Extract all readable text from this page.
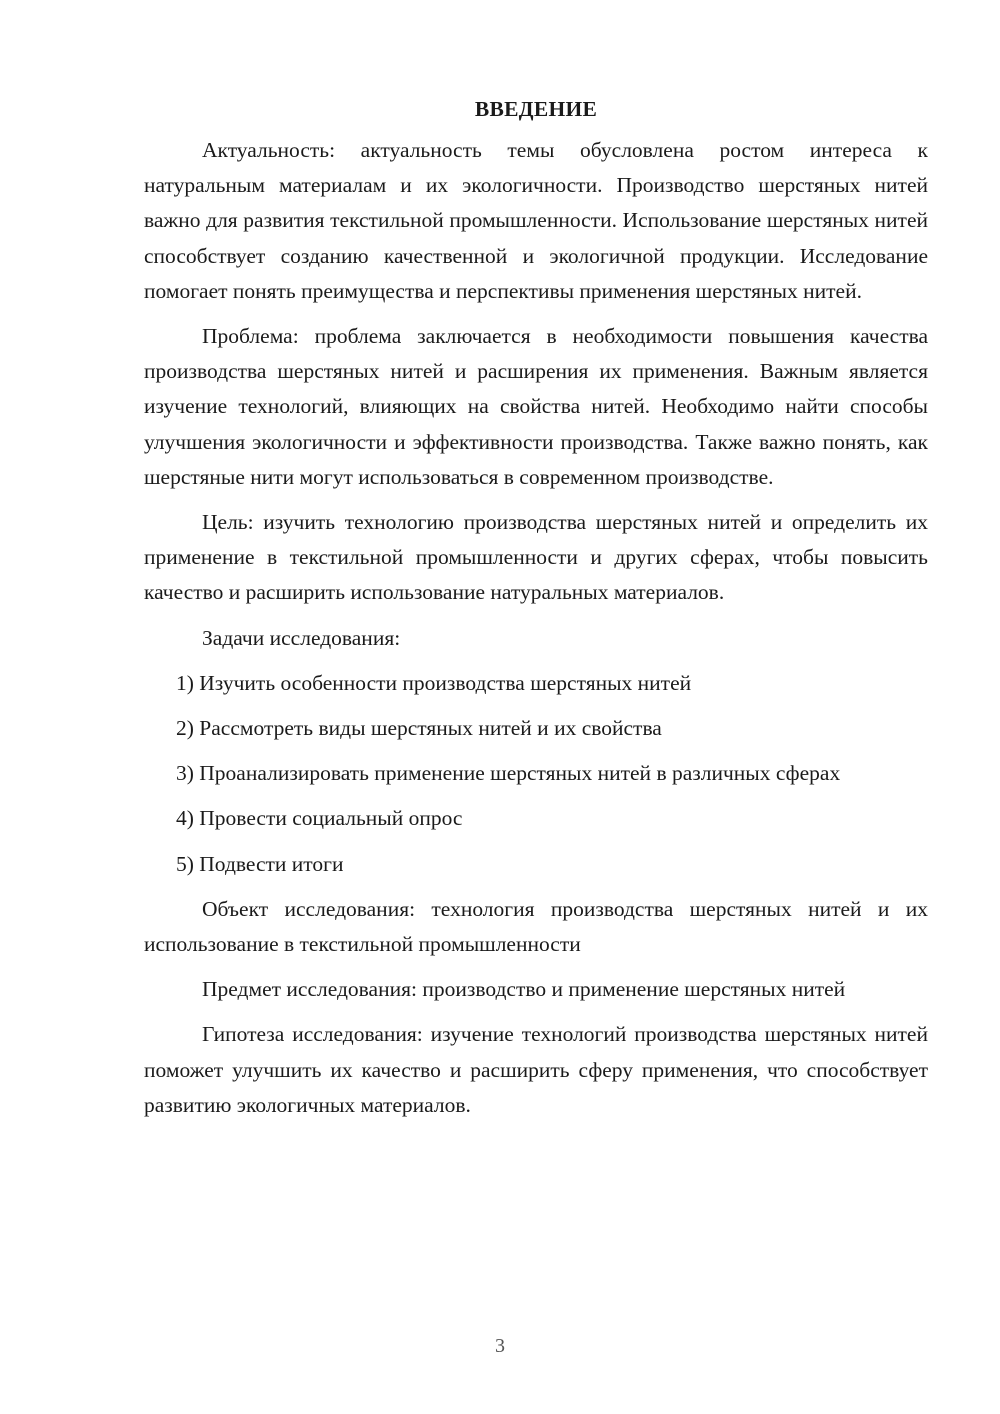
ВВЕДЕНИЕ

Актуальность: актуальность темы обусловлена ростом интереса к натуральным материалам и их экологичности. Производство шерстяных нитей важно для развития текстильной промышленности. Использование шерстяных нитей способствует созданию качественной и экологичной продукции. Исследование помогает понять преимущества и перспективы применения шерстяных нитей.

Проблема: проблема заключается в необходимости повышения качества производства шерстяных нитей и расширения их применения. Важным является изучение технологий, влияющих на свойства нитей. Необходимо найти способы улучшения экологичности и эффективности производства. Также важно понять, как шерстяные нити могут использоваться в современном производстве.

Цель: изучить технологию производства шерстяных нитей и определить их применение в текстильной промышленности и других сферах, чтобы повысить качество и расширить использование натуральных материалов.

Задачи исследования:

1) Изучить особенности производства шерстяных нитей

2) Рассмотреть виды шерстяных нитей и их свойства

3) Проанализировать применение шерстяных нитей в различных сферах

4) Провести социальный опрос

5) Подвести итоги

Объект исследования: технология производства шерстяных нитей и их использование в текстильной промышленности

Предмет исследования: производство и применение шерстяных нитей

Гипотеза исследования: изучение технологий производства шерстяных нитей поможет улучшить их качество и расширить сферу применения, что способствует развитию экологичных материалов.

3
